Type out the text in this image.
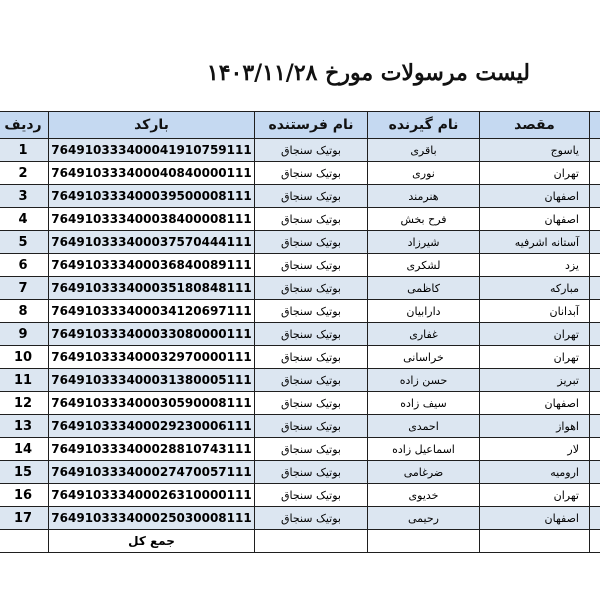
لیست مرسولات مورخ ۱۴۰۳/۱۱/۲۸
ردیف	بارکد	نام فرستنده	نام گیرنده	مقصد	
1	764910333400041910759111	بوتیک سنجاق	باقری	یاسوج	
2	764910333400040840000111	بوتیک سنجاق	نوری	تهران	
3	764910333400039500008111	بوتیک سنجاق	هنرمند	اصفهان	
4	764910333400038400008111	بوتیک سنجاق	فرح بخش	اصفهان	
5	764910333400037570444111	بوتیک سنجاق	شیرزاد	آستانه اشرفیه	
6	764910333400036840089111	بوتیک سنجاق	لشکری	یزد	
7	764910333400035180848111	بوتیک سنجاق	کاظمی	مبارکه	
8	764910333400034120697111	بوتیک سنجاق	دارابیان	آبدانان	
9	764910333400033080000111	بوتیک سنجاق	غفاری	تهران	
10	764910333400032970000111	بوتیک سنجاق	خراسانی	تهران	
11	764910333400031380005111	بوتیک سنجاق	حسن زاده	تبریز	
12	764910333400030590008111	بوتیک سنجاق	سیف زاده	اصفهان	
13	764910333400029230006111	بوتیک سنجاق	احمدی	اهواز	
14	764910333400028810743111	بوتیک سنجاق	اسماعیل زاده	لار	
15	764910333400027470057111	بوتیک سنجاق	ضرغامی	ارومیه	
16	764910333400026310000111	بوتیک سنجاق	خدیوی	تهران	
17	764910333400025030008111	بوتیک سنجاق	رحیمی	اصفهان	
	جمع کل				
